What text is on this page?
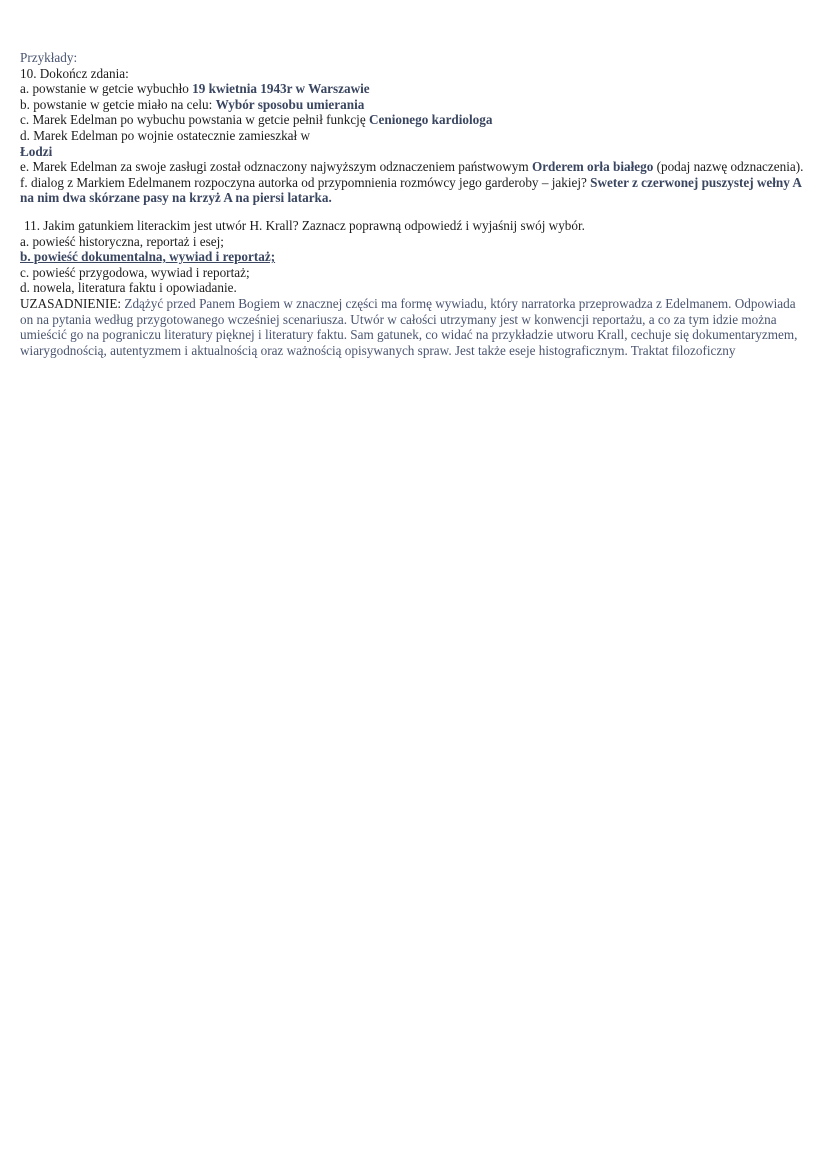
Przykłady:
10. Dokończ zdania:
a. powstanie w getcie wybuchło 19 kwietnia 1943r w Warszawie
b. powstanie w getcie miało na celu: Wybór sposobu umierania
c. Marek Edelman po wybuchu powstania w getcie pełnił funkcję Cenionego kardiologa
d. Marek Edelman po wojnie ostatecznie zamieszkał w
Łodzi
e. Marek Edelman za swoje zasługi został odznaczony najwyższym odznaczeniem państwowym Orderem orła białego (podaj nazwę odznaczenia).
f. dialog z Markiem Edelmanem rozpoczyna autorka od przypomnienia rozmówcy jego garderoby – jakiej? Sweter z czerwonej puszystej wełny A na nim dwa skórzane pasy na krzyż A na piersi latarka.
11. Jakim gatunkiem literackim jest utwór H. Krall? Zaznacz poprawną odpowiedź i wyjaśnij swój wybór.
a. powieść historyczna, reportaż i esej;
b. powieść dokumentalna, wywiad i reportaż;
c. powieść przygodowa, wywiad i reportaż;
d. nowela, literatura faktu i opowiadanie.
UZASADNIENIE: Zdążyć przed Panem Bogiem w znacznej części ma formę wywiadu, który narratorka przeprowadza z Edelmanem. Odpowiada on na pytania według przygotowanego wcześniej scenariusza. Utwór w całości utrzymany jest w konwencji reportażu, a co za tym idzie można umieścić go na pograniczu literatury pięknej i literatury faktu. Sam gatunek, co widać na przykładzie utworu Krall, cechuje się dokumentaryzmem, wiarygodnością, autentyzmem i aktualnością oraz ważnością opisywanych spraw. Jest także eseje histograficznym. Traktat filozoficzny
